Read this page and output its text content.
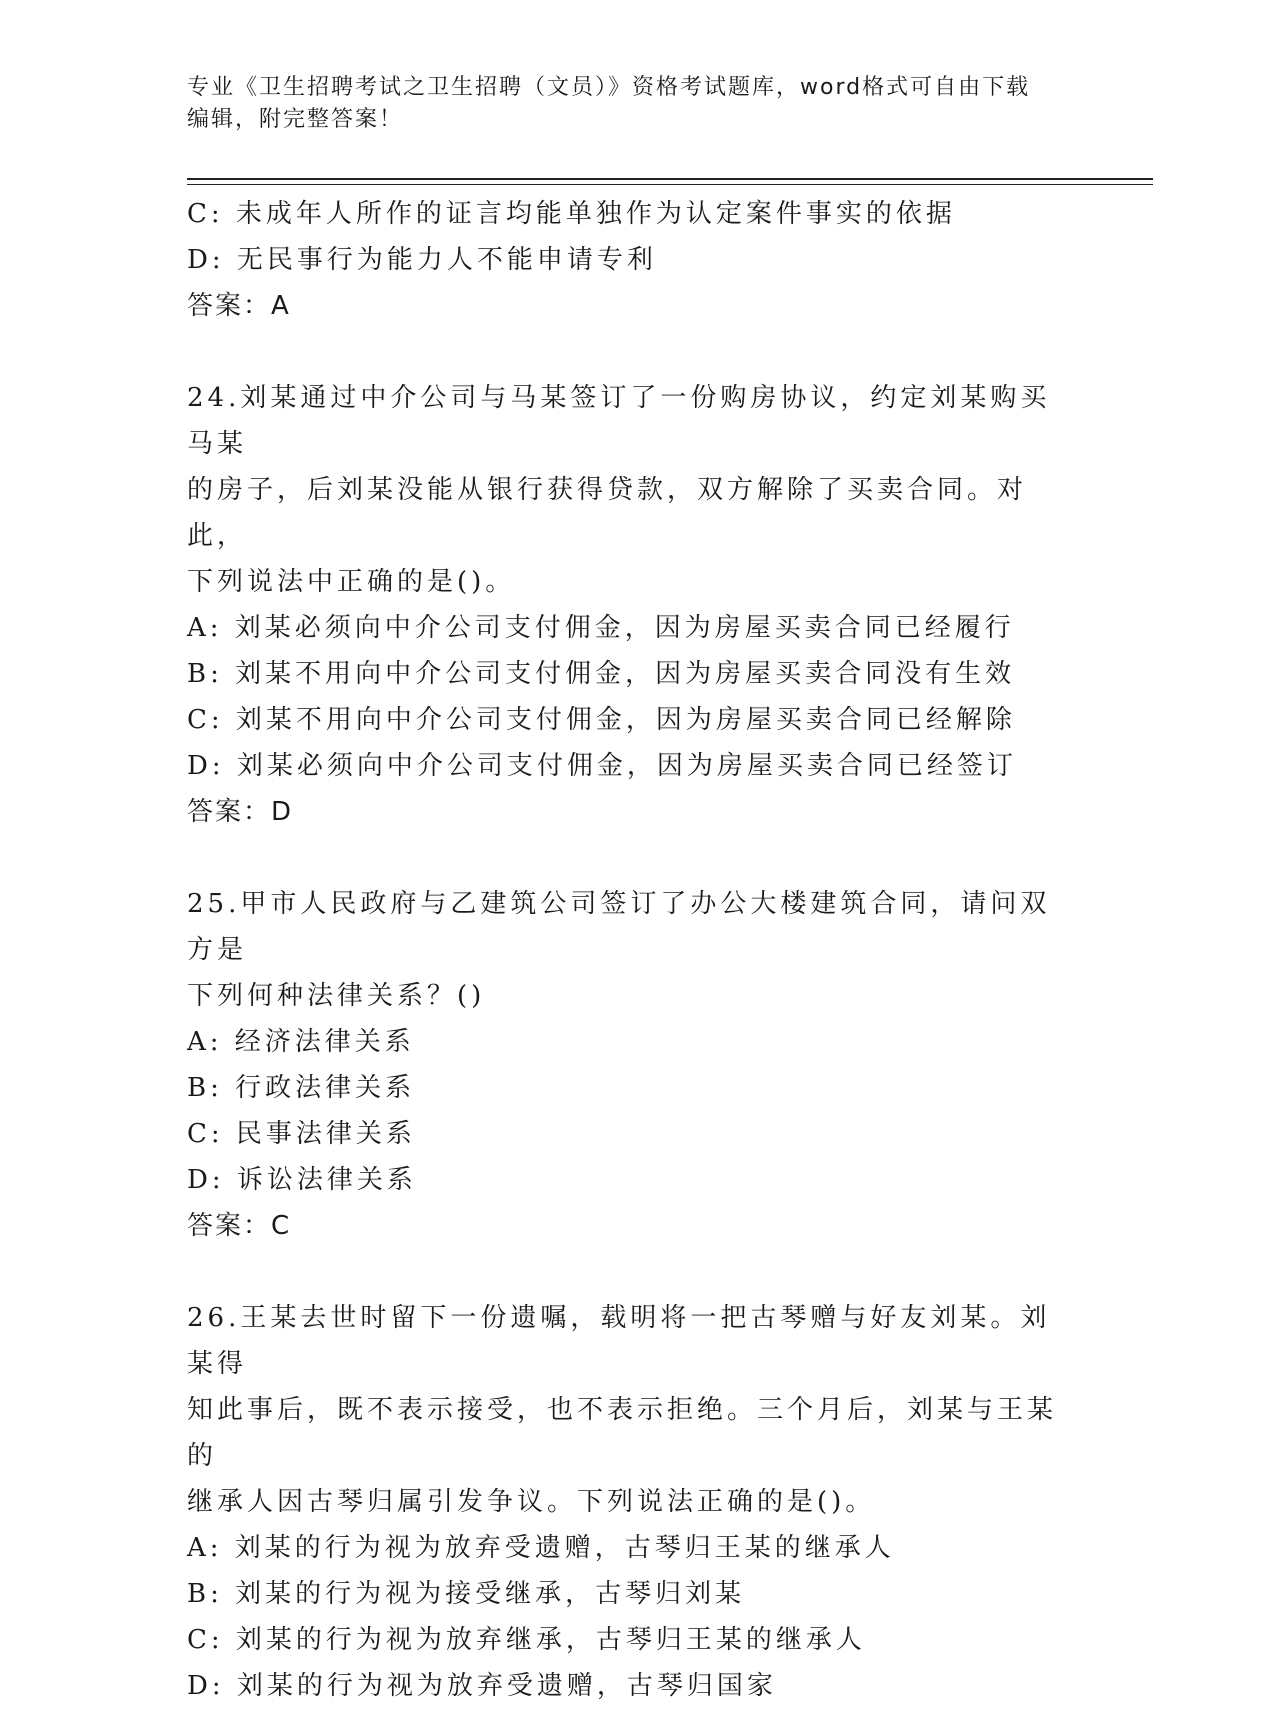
专业《卫生招聘考试之卫生招聘（文员）》资格考试题库，word格式可自由下载
编辑，附完整答案！
C: 未成年人所作的证言均能单独作为认定案件事实的依据
D: 无民事行为能力人不能申请专利
答案：A
24.刘某通过中介公司与马某签订了一份购房协议，约定刘某购买马某
的房子，后刘某没能从银行获得贷款，双方解除了买卖合同。对此，
下列说法中正确的是()。
A: 刘某必须向中介公司支付佣金，因为房屋买卖合同已经履行
B: 刘某不用向中介公司支付佣金，因为房屋买卖合同没有生效
C: 刘某不用向中介公司支付佣金，因为房屋买卖合同已经解除
D: 刘某必须向中介公司支付佣金，因为房屋买卖合同已经签订
答案：D
25.甲市人民政府与乙建筑公司签订了办公大楼建筑合同，请问双方是
下列何种法律关系？()
A: 经济法律关系
B: 行政法律关系
C: 民事法律关系
D: 诉讼法律关系
答案：C
26.王某去世时留下一份遗嘱，载明将一把古琴赠与好友刘某。刘某得
知此事后，既不表示接受，也不表示拒绝。三个月后，刘某与王某的
继承人因古琴归属引发争议。下列说法正确的是()。
A: 刘某的行为视为放弃受遗赠，古琴归王某的继承人
B: 刘某的行为视为接受继承，古琴归刘某
C: 刘某的行为视为放弃继承，古琴归王某的继承人
D: 刘某的行为视为放弃受遗赠，古琴归国家
